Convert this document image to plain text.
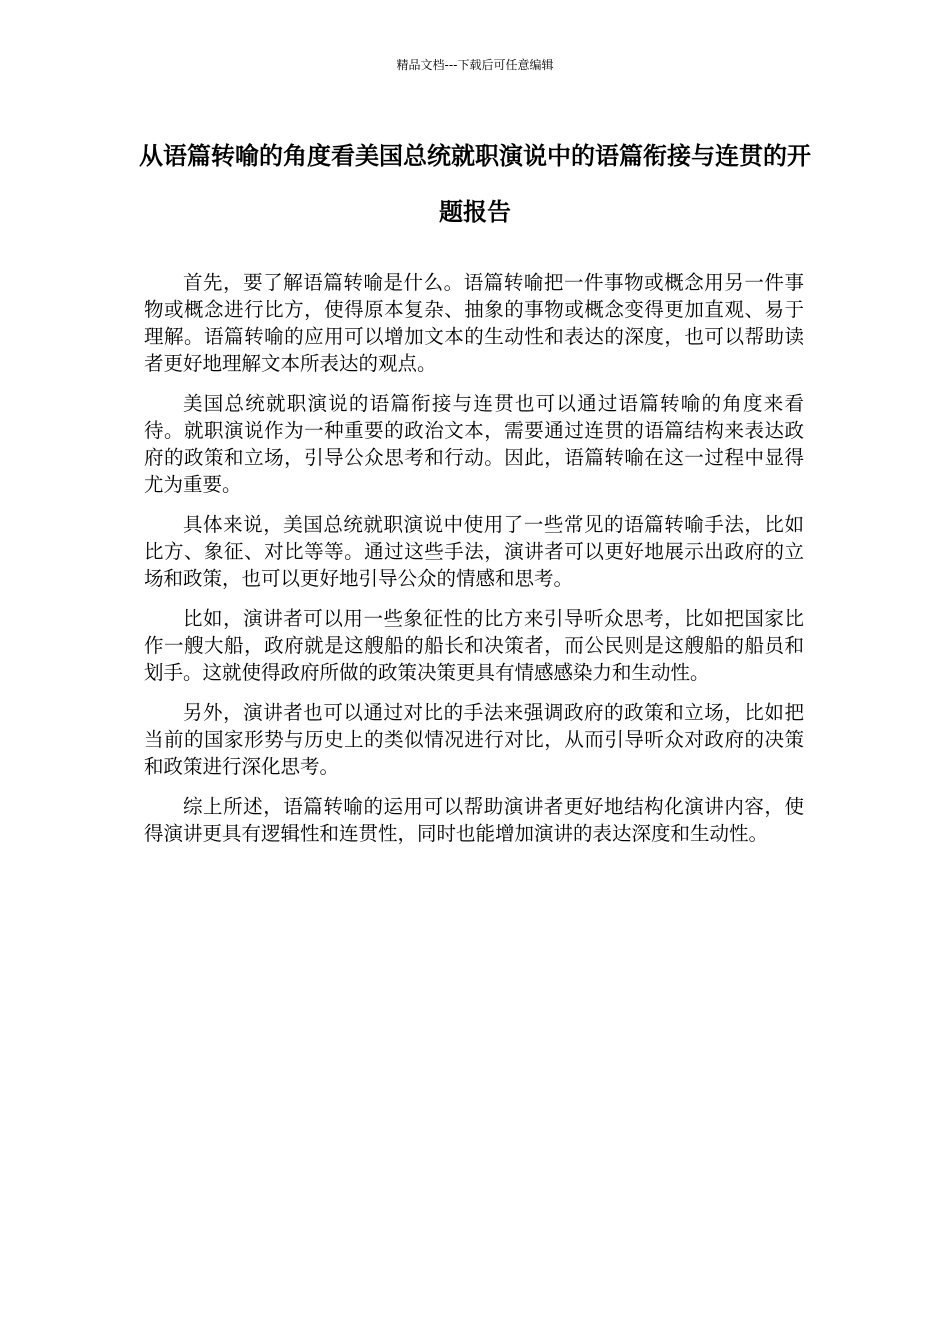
精品文档---下载后可任意编辑
从语篇转喻的角度看美国总统就职演说中的语篇衔接与连贯的开题报告

首先，要了解语篇转喻是什么。语篇转喻把一件事物或概念用另一件事物或概念进行比方，使得原本复杂、抽象的事物或概念变得更加直观、易于理解。语篇转喻的应用可以增加文本的生动性和表达的深度，也可以帮助读者更好地理解文本所表达的观点。

美国总统就职演说的语篇衔接与连贯也可以通过语篇转喻的角度来看待。就职演说作为一种重要的政治文本，需要通过连贯的语篇结构来表达政府的政策和立场，引导公众思考和行动。因此，语篇转喻在这一过程中显得尤为重要。

具体来说，美国总统就职演说中使用了一些常见的语篇转喻手法，比如比方、象征、对比等等。通过这些手法，演讲者可以更好地展示出政府的立场和政策，也可以更好地引导公众的情感和思考。

比如，演讲者可以用一些象征性的比方来引导听众思考，比如把国家比作一艘大船，政府就是这艘船的船长和决策者，而公民则是这艘船的船员和划手。这就使得政府所做的政策决策更具有情感感染力和生动性。

另外，演讲者也可以通过对比的手法来强调政府的政策和立场，比如把当前的国家形势与历史上的类似情况进行对比，从而引导听众对政府的决策和政策进行深化思考。

综上所述，语篇转喻的运用可以帮助演讲者更好地结构化演讲内容，使得演讲更具有逻辑性和连贯性，同时也能增加演讲的表达深度和生动性。
